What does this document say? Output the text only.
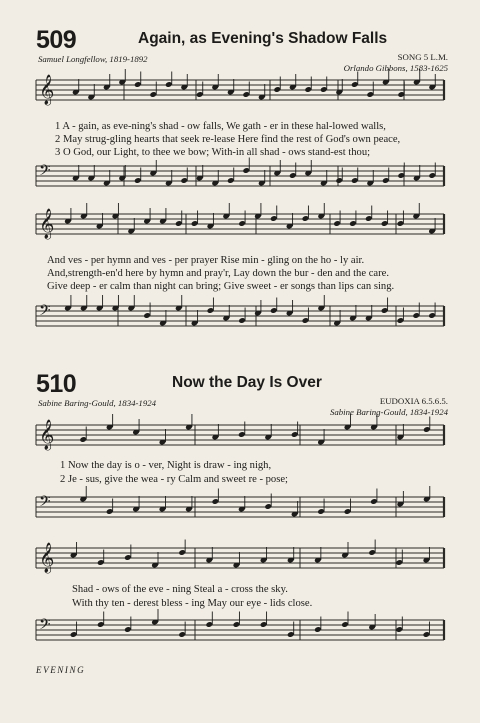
509	Again, as Evening's Shadow Falls
Samuel Longfellow, 1819-1892	SONG 5 L.M.
Orlando Gibbons, 1583-1625
1 A - gain, as eve-ning's shad - ow falls, We gath - er in these hal-lowed walls,
2 May strug-gling hearts that seek re-lease Here find the rest of God's own peace,
3 O God, our Light, to thee we bow; With-in all shad - ows stand-est thou;
And ves - per hymn and ves - per prayer Rise min - gling on the ho - ly air.
And,strength-en'd here by hymn and pray'r, Lay down the bur - den and the care.
Give deep - er calm than night can bring; Give sweet - er songs than lips can sing.
510	Now the Day Is Over
Sabine Baring-Gould, 1834-1924	EUDOXIA 6.5.6.5.
Sabine Baring-Gould, 1834-1924
1 Now the day is o - ver, Night is draw - ing nigh,
2 Je - sus, give the wea - ry Calm and sweet re - pose;
Shad - ows of the eve - ning Steal a - cross the sky.
With thy ten - derest bless - ing May our eye - lids close.
EVENING
𝄞
𝄢
𝄞
𝄢
𝄞
𝄢
𝄞
𝄢
